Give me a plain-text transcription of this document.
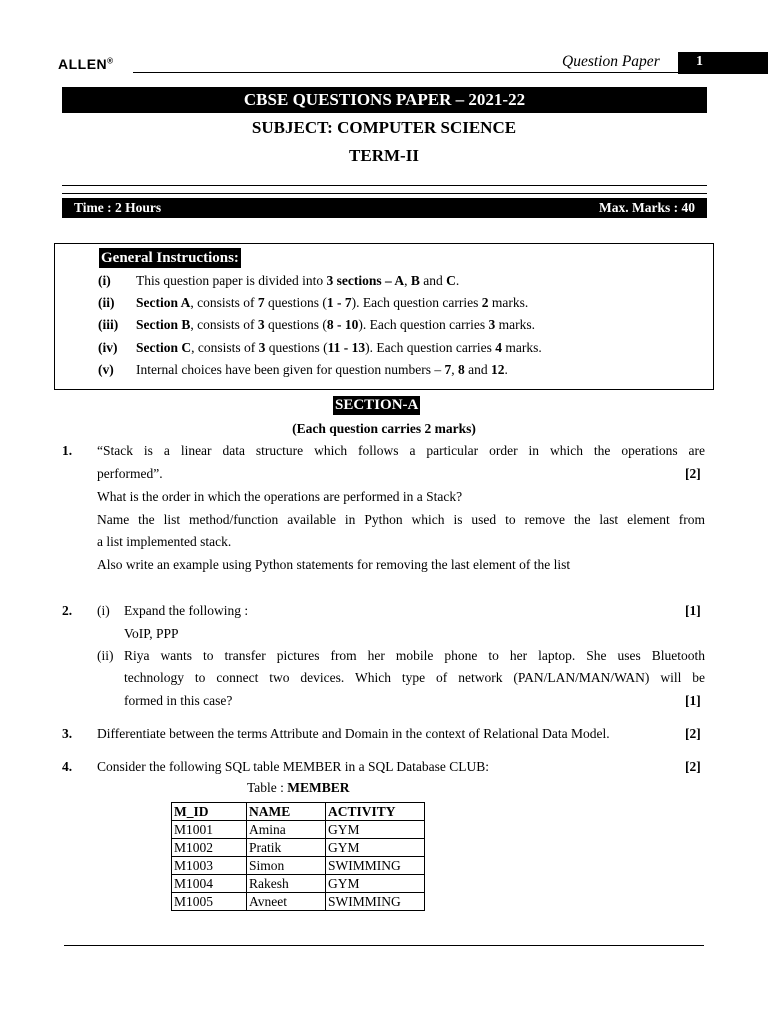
ALLEN®	Question Paper	1
CBSE QUESTIONS PAPER – 2021-22
SUBJECT: COMPUTER SCIENCE
TERM-II
Time : 2 Hours	Max. Marks : 40
General Instructions:
(i) This question paper is divided into 3 sections – A, B and C.
(ii) Section A, consists of 7 questions (1 - 7). Each question carries 2 marks.
(iii) Section B, consists of 3 questions (8 - 10). Each question carries 3 marks.
(iv) Section C, consists of 3 questions (11 - 13). Each question carries 4 marks.
(v) Internal choices have been given for question numbers – 7, 8 and 12.
SECTION-A
(Each question carries 2 marks)
1. “Stack is a linear data structure which follows a particular order in which the operations are
performed”.	[2]
What is the order in which the operations are performed in a Stack?
Name the list method/function available in Python which is used to remove the last element from
a list implemented stack.
Also write an example using Python statements for removing the last element of the list
2. (i) Expand the following :	[1]
VoIP, PPP
(ii) Riya wants to transfer pictures from her mobile phone to her laptop. She uses Bluetooth
technology to connect two devices. Which type of network (PAN/LAN/MAN/WAN) will be
formed in this case?	[1]
3. Differentiate between the terms Attribute and Domain in the context of Relational Data Model.	[2]
4. Consider the following SQL table MEMBER in a SQL Database CLUB:	[2]
Table : MEMBER
M_ID	NAME	ACTIVITY
M1001	Amina	GYM
M1002	Pratik	GYM
M1003	Simon	SWIMMING
M1004	Rakesh	GYM
M1005	Avneet	SWIMMING
